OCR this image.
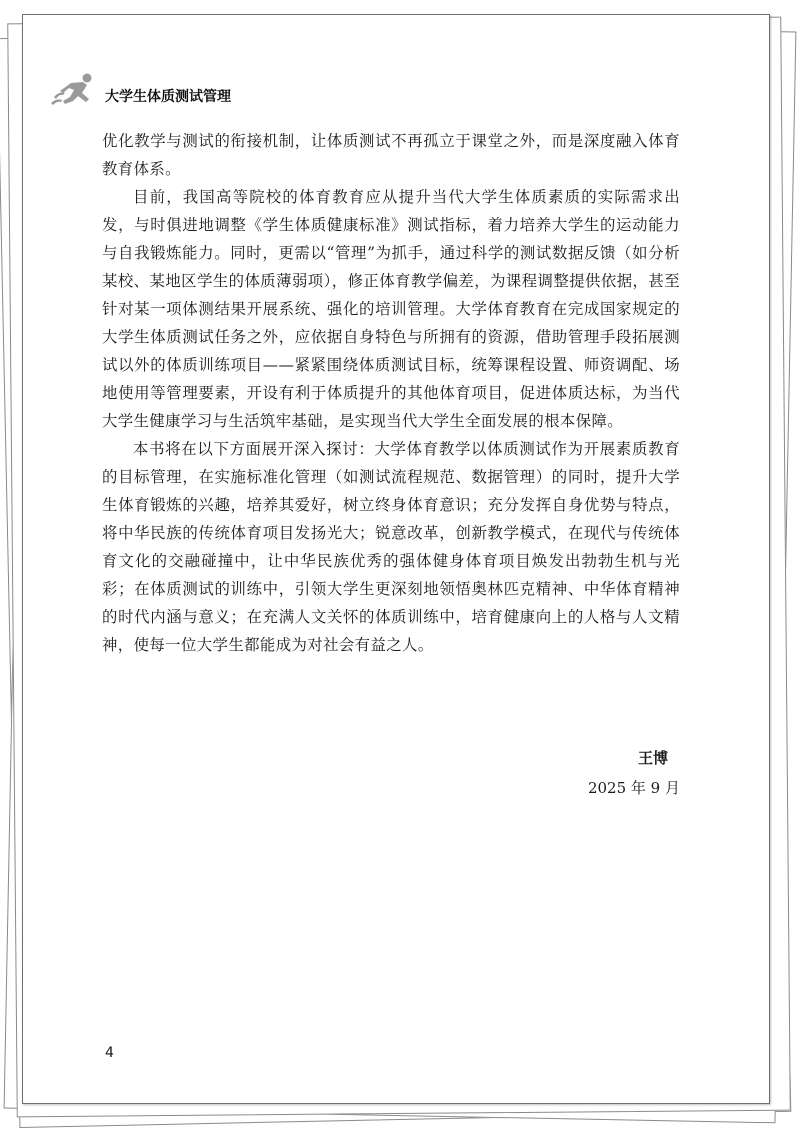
大学生体质测试管理

优化教学与测试的衔接机制，让体质测试不再孤立于课堂之外，而是深度融入体育教育体系。

目前，我国高等院校的体育教育应从提升当代大学生体质素质的实际需求出发，与时俱进地调整《学生体质健康标准》测试指标，着力培养大学生的运动能力与自我锻炼能力。同时，更需以“管理”为抓手，通过科学的测试数据反馈（如分析某校、某地区学生的体质薄弱项），修正体育教学偏差，为课程调整提供依据，甚至针对某一项体测结果开展系统、强化的培训管理。大学体育教育在完成国家规定的大学生体质测试任务之外，应依据自身特色与所拥有的资源，借助管理手段拓展测试以外的体质训练项目——紧紧围绕体质测试目标，统筹课程设置、师资调配、场地使用等管理要素，开设有利于体质提升的其他体育项目，促进体质达标，为当代大学生健康学习与生活筑牢基础，是实现当代大学生全面发展的根本保障。

本书将在以下方面展开深入探讨：大学体育教学以体质测试作为开展素质教育的目标管理，在实施标准化管理（如测试流程规范、数据管理）的同时，提升大学生体育锻炼的兴趣，培养其爱好，树立终身体育意识；充分发挥自身优势与特点，将中华民族的传统体育项目发扬光大；锐意改革，创新教学模式，在现代与传统体育文化的交融碰撞中，让中华民族优秀的强体健身体育项目焕发出勃勃生机与光彩；在体质测试的训练中，引领大学生更深刻地领悟奥林匹克精神、中华体育精神的时代内涵与意义；在充满人文关怀的体质训练中，培育健康向上的人格与人文精神，使每一位大学生都能成为对社会有益之人。

王博
2025 年 9 月
4
